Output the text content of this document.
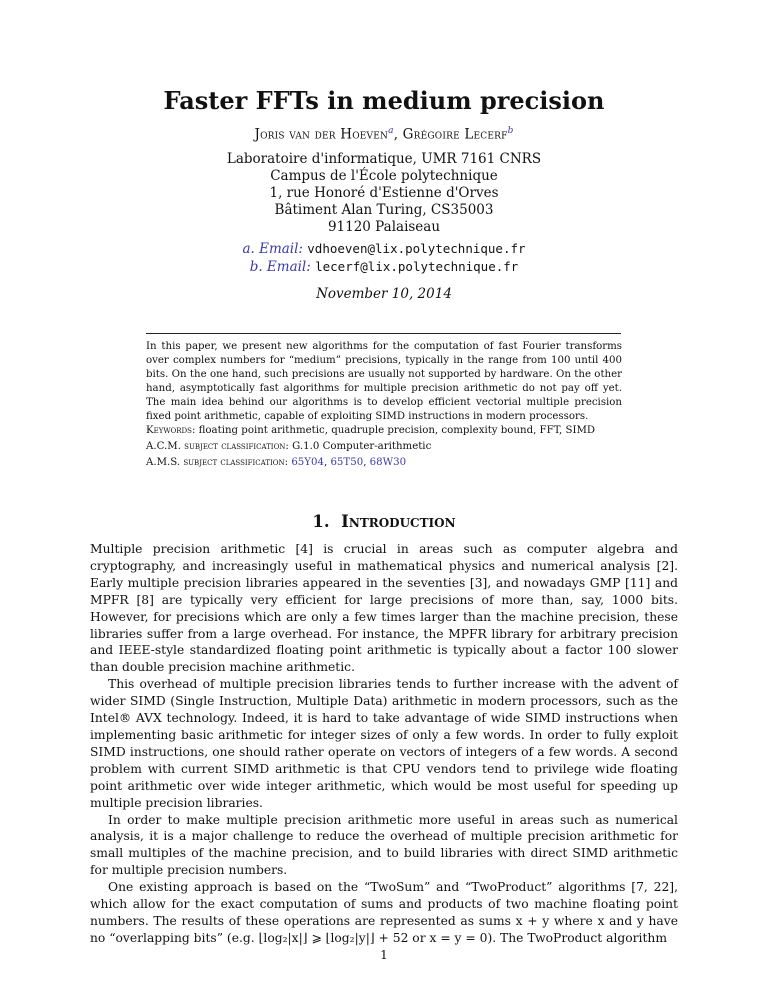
Faster FFTs in medium precision
Joris van der Hoeven$^a$, Grégoire Lecerf$^b$
Laboratoire d'informatique, UMR 7161 CNRS
Campus de l'École polytechnique
1, rue Honoré d'Estienne d'Orves
Bâtiment Alan Turing, CS35003
91120 Palaiseau
a. Email: vdhoeven@lix.polytechnique.fr
b. Email: lecerf@lix.polytechnique.fr
November 10, 2014
In this paper, we present new algorithms for the computation of fast Fourier transforms over complex numbers for “medium” precisions, typically in the range from 100 until 400 bits. On the one hand, such precisions are usually not supported by hardware. On the other hand, asymptotically fast algorithms for multiple precision arithmetic do not pay off yet. The main idea behind our algorithms is to develop efficient vectorial multiple precision fixed point arithmetic, capable of exploiting SIMD instructions in modern processors.
Keywords: floating point arithmetic, quadruple precision, complexity bound, FFT, SIMD
A.C.M. subject classification: G.1.0 Computer-arithmetic
A.M.S. subject classification: 65Y04, 65T50, 68W30
1. Introduction

Multiple precision arithmetic [4] is crucial in areas such as computer algebra and cryptography, and increasingly useful in mathematical physics and numerical analysis [2]. Early multiple precision libraries appeared in the seventies [3], and nowadays GMP [11] and MPFR [8] are typically very efficient for large precisions of more than, say, 1000 bits. However, for precisions which are only a few times larger than the machine precision, these libraries suffer from a large overhead. For instance, the MPFR library for arbitrary precision and IEEE-style standardized floating point arithmetic is typically about a factor 100 slower than double precision machine arithmetic.

This overhead of multiple precision libraries tends to further increase with the advent of wider SIMD (Single Instruction, Multiple Data) arithmetic in modern processors, such as the Intel® AVX technology. Indeed, it is hard to take advantage of wide SIMD instructions when implementing basic arithmetic for integer sizes of only a few words. In order to fully exploit SIMD instructions, one should rather operate on vectors of integers of a few words. A second problem with current SIMD arithmetic is that CPU vendors tend to privilege wide floating point arithmetic over wide integer arithmetic, which would be most useful for speeding up multiple precision libraries.

In order to make multiple precision arithmetic more useful in areas such as numerical analysis, it is a major challenge to reduce the overhead of multiple precision arithmetic for small multiples of the machine precision, and to build libraries with direct SIMD arithmetic for multiple precision numbers.

One existing approach is based on the “TwoSum” and “TwoProduct” algorithms [7, 22], which allow for the exact computation of sums and products of two machine floating point numbers. The results of these operations are represented as sums x + y where x and y have no “overlapping bits” (e.g. ⌊log₂|x|⌋ ⩾ ⌊log₂|y|⌋ + 52 or x = y = 0). The TwoProduct algorithm

1
